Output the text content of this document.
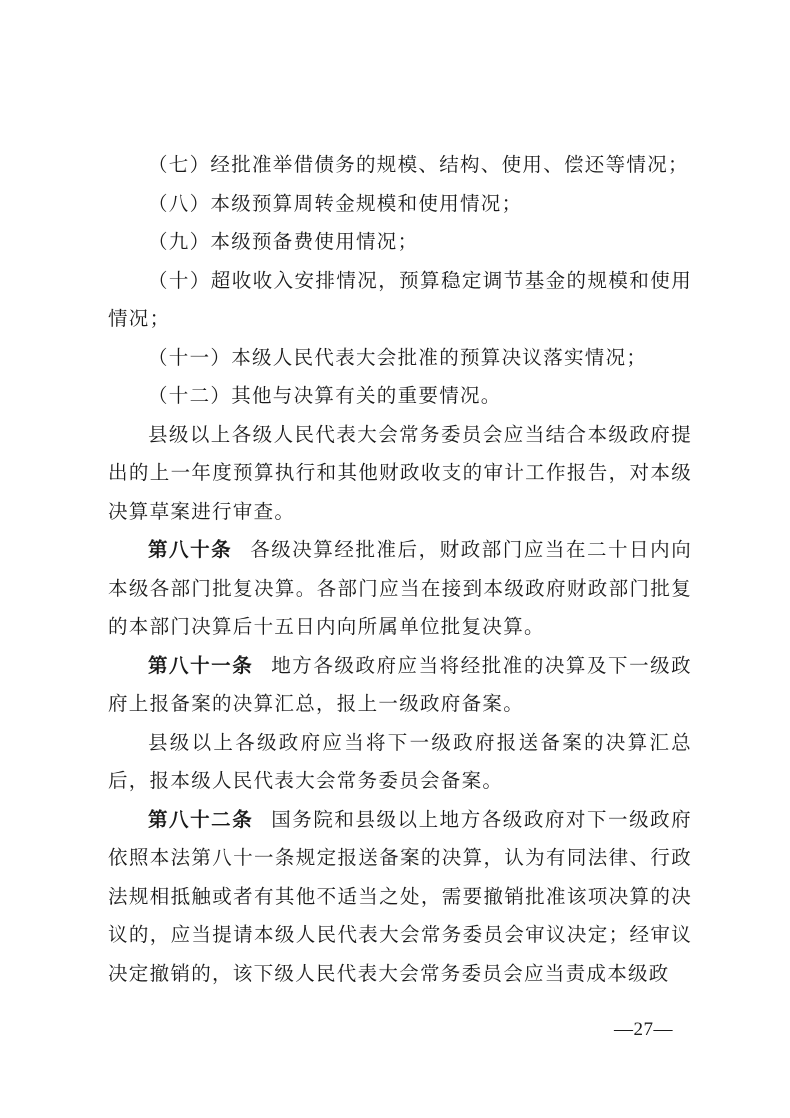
（七）经批准举借债务的规模、结构、使用、偿还等情况；

（八）本级预算周转金规模和使用情况；

（九）本级预备费使用情况；

（十）超收收入安排情况，预算稳定调节基金的规模和使用情况；

（十一）本级人民代表大会批准的预算决议落实情况；

（十二）其他与决算有关的重要情况。

县级以上各级人民代表大会常务委员会应当结合本级政府提出的上一年度预算执行和其他财政收支的审计工作报告，对本级决算草案进行审查。

第八十条 各级决算经批准后，财政部门应当在二十日内向本级各部门批复决算。各部门应当在接到本级政府财政部门批复的本部门决算后十五日内向所属单位批复决算。

第八十一条 地方各级政府应当将经批准的决算及下一级政府上报备案的决算汇总，报上一级政府备案。

县级以上各级政府应当将下一级政府报送备案的决算汇总后，报本级人民代表大会常务委员会备案。

第八十二条 国务院和县级以上地方各级政府对下一级政府依照本法第八十一条规定报送备案的决算，认为有同法律、行政法规相抵触或者有其他不适当之处，需要撤销批准该项决算的决议的，应当提请本级人民代表大会常务委员会审议决定；经审议决定撤销的，该下级人民代表大会常务委员会应当责成本级政

—27—
